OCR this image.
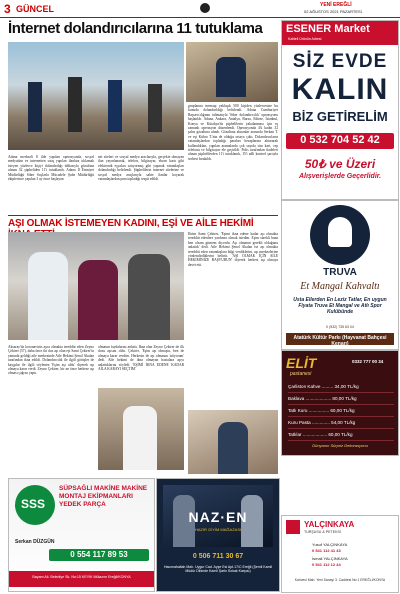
3 GÜNCEL	YENİ EREĞLİ
02 AĞUSTOS 2021 PAZARTESİ
İnternet dolandırıcılarına 11 tutuklama
Adana merkezli 8 ilde yapılan operasyonda, sosyal medyadan ve internetten satış yapılan ilanlara tıklamak isteyen yüzlerce kişiyi dolandırdığı iddiasıyla gözaltına alınan 32 şüpheliden 11'i tutuklandı. Adana İl Emniyet Müdürlüğü Siber Suçlarla Mücadele Şube Müdürlüğü ekiplerince yapılan 3 ay önce başlayan
net siteleri ve sosyal medya araclarıyla, gerçekte olmayan ilan yayınlanarak, telefon, bilgisayar, ekran kartı gibi elektronik eşyaları satıyormuş gibi yaparak vatandaşları dolandırdığı belirlendi. Şüphelilerin internet sitelerine ve sosyal medya araçlarıyla sahte ilanlar koyarak vatandaşlardan para topladığı tespit edildi.
gruplarına mensup yaklaşık 500 kişiden yüzlercesine bu konuda dolandırıldığı belirlendi. Adana Cumhuriyet Başsavcılığının talimatıyla 'Siber dolandırıcılık' operasyonu başlatıldı. Adana, Ankara, Antalya, Bursa, Edirne, İstanbul, Konya ve Kütahya'da şüphelilerin yakalanması için eş zamanlı operasyon düzenlendi. Operasyonda 4'ü kadın 32 şahıs gözaltına alındı. Gözaltına alınanlar arasında Serkan T. ve eşi Kübra T.'nin de olduğu ortaya çıktı. Dolandırıcıların vatandaşlardan topladığı paraları hesaplarına aktararak kullandıkları, yapılan aramalarda çok sayıda sim kart, cep telefonu ve bilgisayar ele geçirildi. Polis tarafından ifadeleri alınan şüphelilerden 11'i tutuklandı, 15'i adli kontrol şartıyla serbest bırakıldı.
AŞI OLMAK İSTEMEYEN KADINI, EŞİ VE AİLE HEKİMİ
Aksaray'da koronavirüs aşısı olmakta tereddüt eden Zeyno Çekirer (57), daha önce iki doz aşı olan eşi Sami Çekirer'in yanında geldiği aile merkezinde Aile Hekimi Şenol Akalan tarafından ikna edildi. Dolandırıcılık ile ilgili görüşler de kaygılar ile ilgili söylenen 'Eşim aşı oldu' diyerek aşı olmaya karar verdi. Zeyno Çekirer, bir an önce herkese aşı olması çağrısı yaptı.
olmanın faydalarını anlattı. İkna olan Zeyno Çekirer de ilk dozu aşısını oldu. Çekirer, 'Eşim aşı olmuştu, ben de olmaya karar verdim. Herkesin de aşı olmasını istiyorum' dedi. Aile hekimi de ikna olmayan hastalara aşıyı anlattıklarını söyledi. 'EŞİMİ İKNA EDENE KADAR AİLA KARAYI SEÇTİM'
İlirim Sami Çekirer, 'Eşimi ikna edene kadar aşı olmakta tereddüt edenlere yardımcı olmak istedim. Eşim sürekli bana ben olsam gitmem diyordu. Aşı olmanın gerekli olduğunu anlattık' dedi. Aile Hekimi Şenol Akalan ise aşı olmakta tereddüt eden vatandaşlara bilgi verdiklerini, aşı merkezlerine yönlendirdiklerini belirtti. 'AŞI OLMAK İÇİN AİLE HEKİMİNİZE BAŞVURUN' diyerek herkesi aşı olmaya davet etti.
ESENER Market
Kaliteli Ürünün Adresi
SİZ EVDE
KALIN
BİZ GETİRELİM
0 532 704 52 42
50₺ ve Üzeri
Alışverişlerde Geçerlidir.
TRUVA
Et Mangal Kahvaltı
Usta Ellerden En Leziz Tatlar, En uygun Fiyata Truva Et Mangal ve Atlı Spor Kulübünde
0 (532) 735 63 04
Atatürk Kültür Parkı (Hayvanat Bahçesi Kenarı)
ELİT
pastanesi
0332 777 00 34
Çarliston Kahve ......... 34,00 TL/kg
Baklava .................... 80,00 TL/kg
Tatlı Kuru ................ 60,00 TL/kg
Kuru Pasta .............. 54,00 TL/kg
Tatlılar ................... 60,00 TL/kg
Dünyanın Sürpriz Dekorasyonu
YALÇINKAYA
TURŞUSU & PETEKSİ
Yusuf YALÇINKAYA
0 541 112 41 43
İsmail YALÇINKAYA
0 541 112 12 44
Kahveci Mah. Yeni Sanayi 3. Caddesi No:1 EREĞLİ/KONYA
SSS
SÜPSAĞLI MAKİNE MAKİNE MONTAJ EKİPMANLARI YEDEK PARÇA
Serkan DÜZGÜN
0 554 117 89 53
Bayam Ali. Belediye Sk. No:15 KEYİK Mülazım Ereğli/KONYA
NAZ·EN
HAZIR GİYİM MAĞAZASI
0 506 711 30 67
Hacımahallah Mah. Uygur Cad. Ayşe Esi Apt.17/C Ereğli (Şemli Kamil Müdür Dibinde Kamil Şarkı Sokak Karşısı)
